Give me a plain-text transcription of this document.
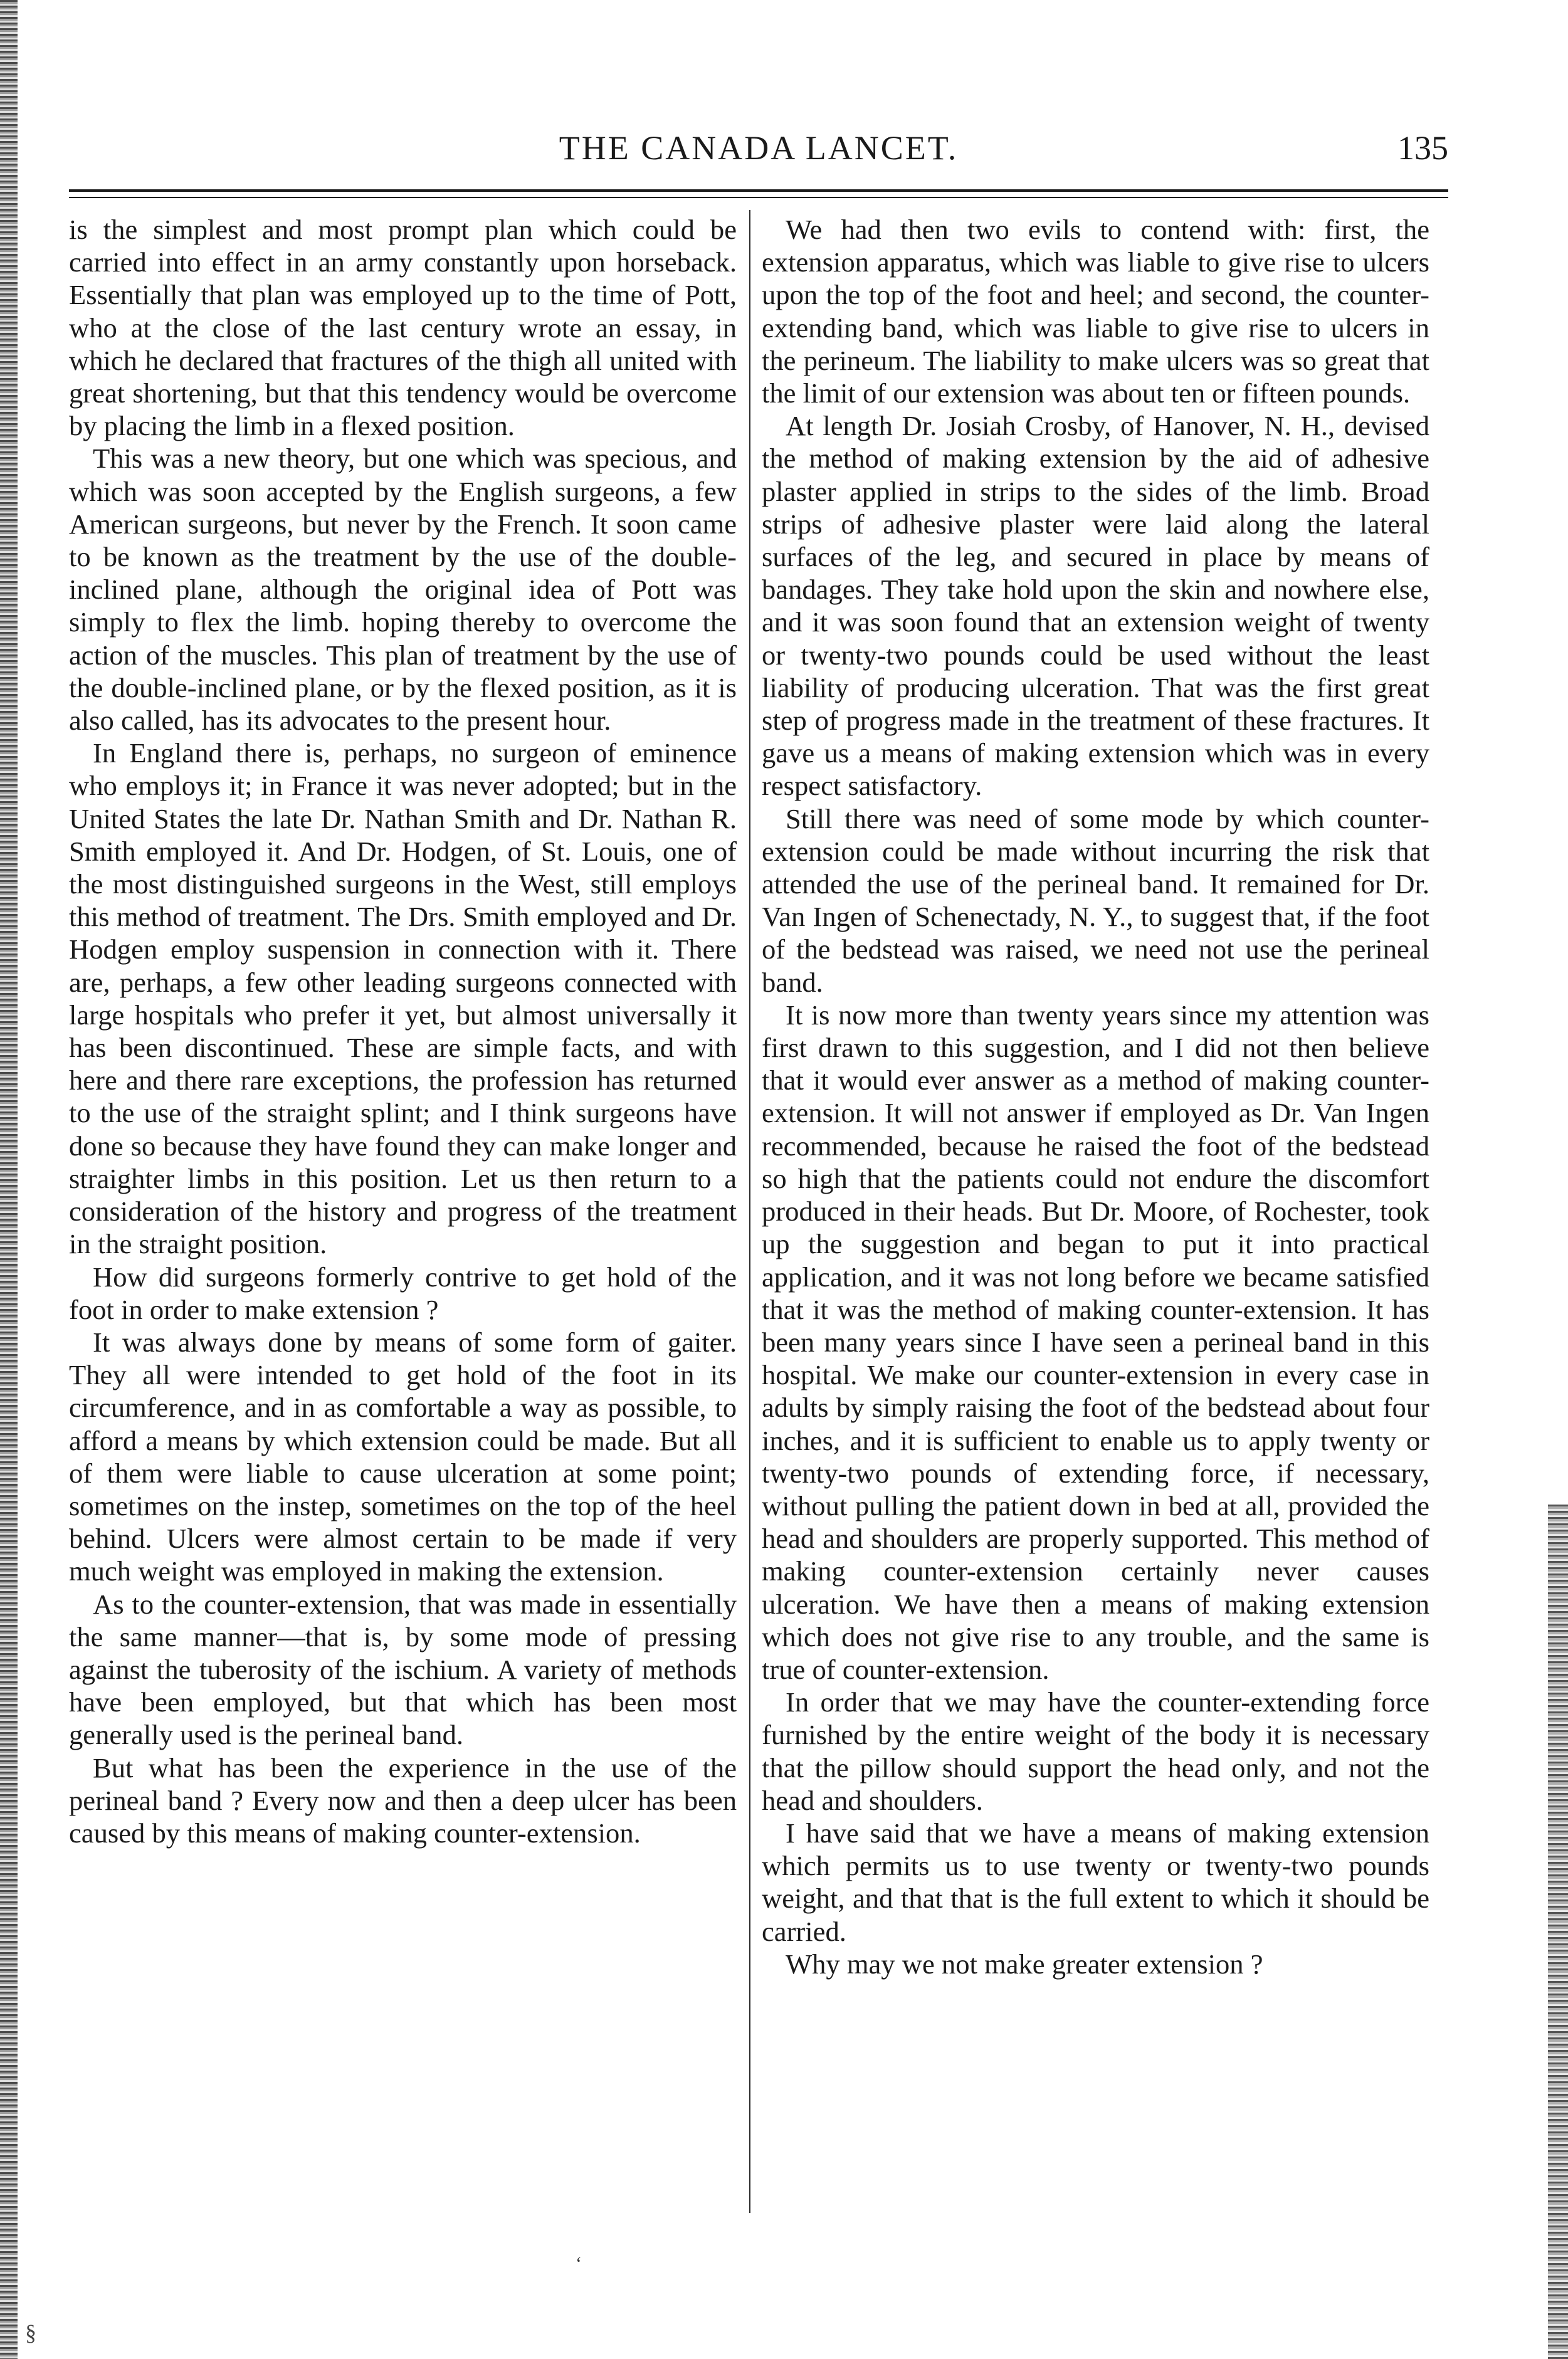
THE CANADA LANCET.	135

is the simplest and most prompt plan which could be carried into effect in an army constantly upon horseback. Essentially that plan was employed up to the time of Pott, who at the close of the last century wrote an essay, in which he declared that fractures of the thigh all united with great shortening, but that this tendency would be overcome by placing the limb in a flexed position.

This was a new theory, but one which was specious, and which was soon accepted by the English surgeons, a few American surgeons, but never by the French. It soon came to be known as the treatment by the use of the double-inclined plane, although the original idea of Pott was simply to flex the limb. hoping thereby to overcome the action of the muscles. This plan of treatment by the use of the double-inclined plane, or by the flexed position, as it is also called, has its advocates to the present hour.

In England there is, perhaps, no surgeon of eminence who employs it; in France it was never adopted; but in the United States the late Dr. Nathan Smith and Dr. Nathan R. Smith employed it. And Dr. Hodgen, of St. Louis, one of the most distinguished surgeons in the West, still employs this method of treatment. The Drs. Smith employed and Dr. Hodgen employ suspension in connection with it. There are, perhaps, a few other leading surgeons connected with large hospitals who prefer it yet, but almost universally it has been discontinued. These are simple facts, and with here and there rare exceptions, the profession has returned to the use of the straight splint; and I think surgeons have done so because they have found they can make longer and straighter limbs in this position. Let us then return to a consideration of the history and progress of the treatment in the straight position.

How did surgeons formerly contrive to get hold of the foot in order to make extension ?

It was always done by means of some form of gaiter. They all were intended to get hold of the foot in its circumference, and in as comfortable a way as possible, to afford a means by which extension could be made. But all of them were liable to cause ulceration at some point; sometimes on the instep, sometimes on the top of the heel behind. Ulcers were almost certain to be made if very much weight was employed in making the extension.

As to the counter-extension, that was made in essentially the same manner—that is, by some mode of pressing against the tuberosity of the ischium. A variety of methods have been employed, but that which has been most generally used is the perineal band.

But what has been the experience in the use of the perineal band ? Every now and then a deep ulcer has been caused by this means of making counter-extension.

We had then two evils to contend with: first, the extension apparatus, which was liable to give rise to ulcers upon the top of the foot and heel; and second, the counter-extending band, which was liable to give rise to ulcers in the perineum. The liability to make ulcers was so great that the limit of our extension was about ten or fifteen pounds.

At length Dr. Josiah Crosby, of Hanover, N. H., devised the method of making extension by the aid of adhesive plaster applied in strips to the sides of the limb. Broad strips of adhesive plaster were laid along the lateral surfaces of the leg, and secured in place by means of bandages. They take hold upon the skin and nowhere else, and it was soon found that an extension weight of twenty or twenty-two pounds could be used without the least liability of producing ulceration. That was the first great step of progress made in the treatment of these fractures. It gave us a means of making extension which was in every respect satisfactory.

Still there was need of some mode by which counter-extension could be made without incurring the risk that attended the use of the perineal band. It remained for Dr. Van Ingen of Schenectady, N. Y., to suggest that, if the foot of the bedstead was raised, we need not use the perineal band.

It is now more than twenty years since my attention was first drawn to this suggestion, and I did not then believe that it would ever answer as a method of making counter-extension. It will not answer if employed as Dr. Van Ingen recommended, because he raised the foot of the bedstead so high that the patients could not endure the discomfort produced in their heads. But Dr. Moore, of Rochester, took up the suggestion and began to put it into practical application, and it was not long before we became satisfied that it was the method of making counter-extension. It has been many years since I have seen a perineal band in this hospital. We make our counter-extension in every case in adults by simply raising the foot of the bedstead about four inches, and it is sufficient to enable us to apply twenty or twenty-two pounds of extending force, if necessary, without pulling the patient down in bed at all, provided the head and shoulders are properly supported. This method of making counter-extension certainly never causes ulceration. We have then a means of making extension which does not give rise to any trouble, and the same is true of counter-extension.

In order that we may have the counter-extending force furnished by the entire weight of the body it is necessary that the pillow should support the head only, and not the head and shoulders.

I have said that we have a means of making extension which permits us to use twenty or twenty-two pounds weight, and that that is the full extent to which it should be carried.

Why may we not make greater extension ?

‘
§
